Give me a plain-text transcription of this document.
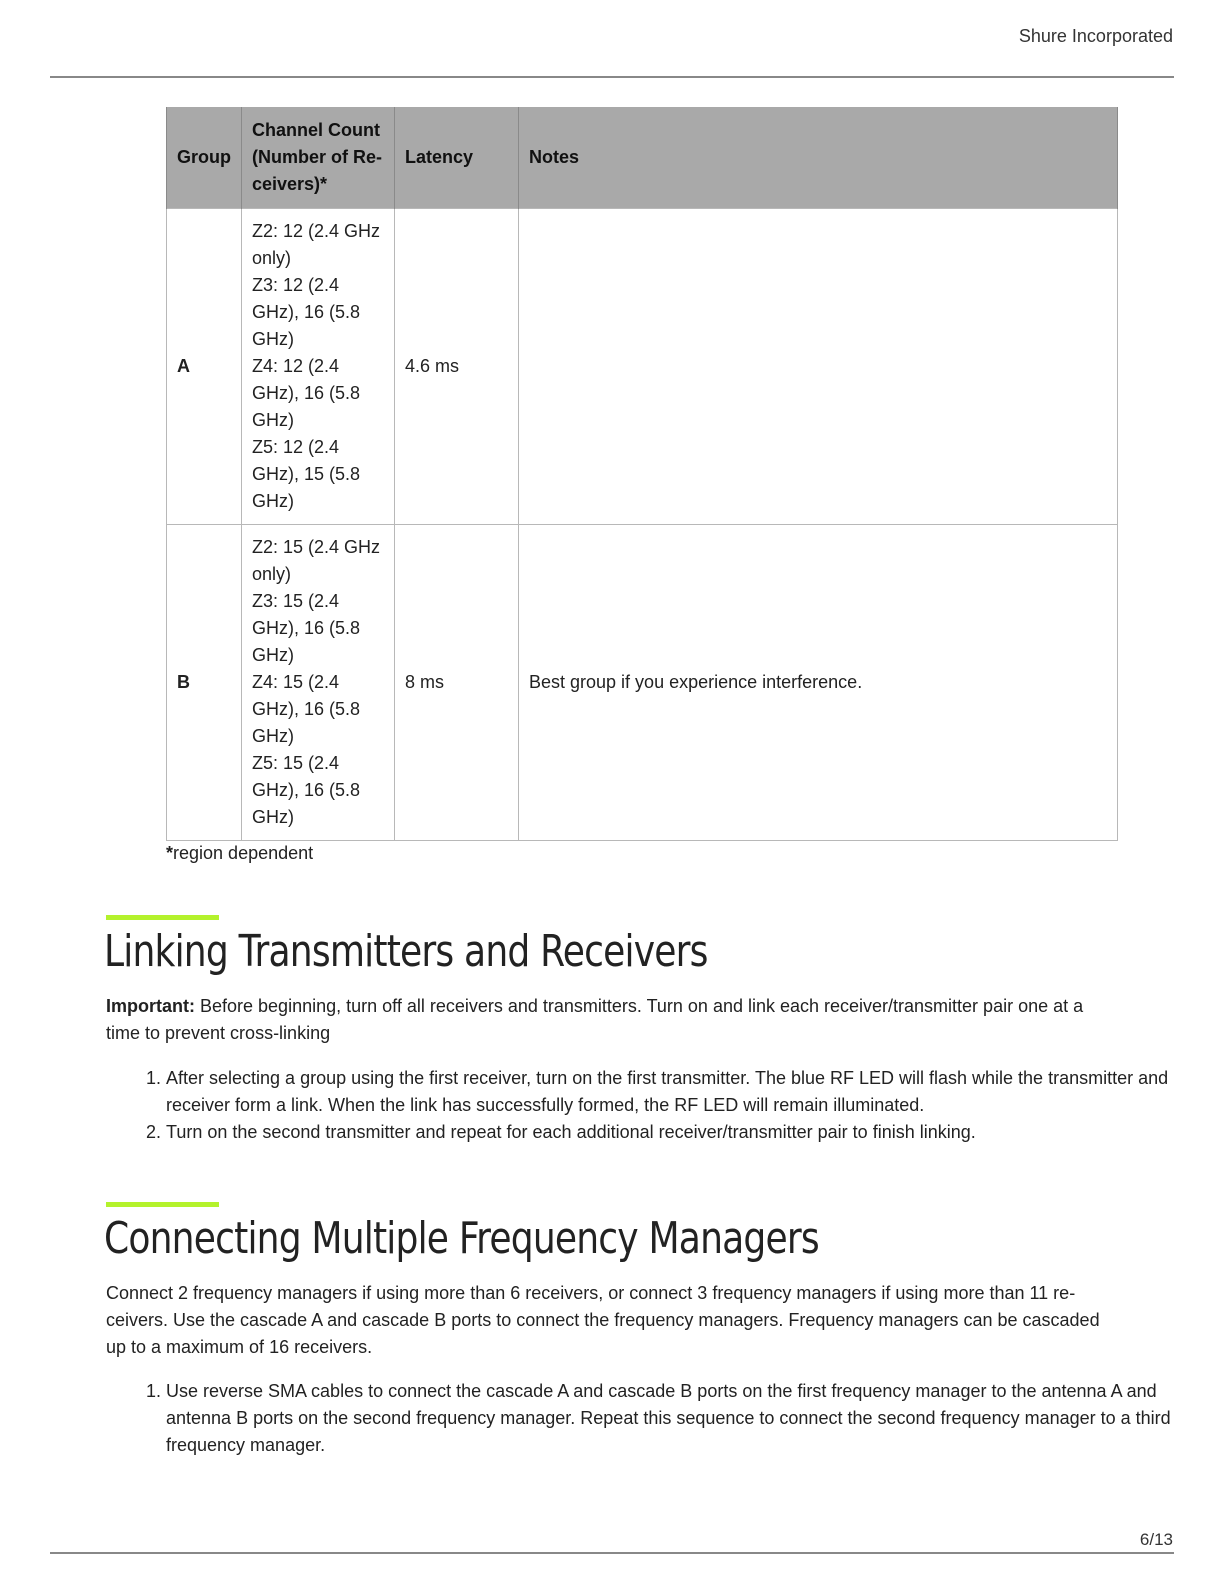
Shure Incorporated
Group	Channel Count (Number of Receivers)*	Latency	Notes
A	Z2: 12 (2.4 GHz only)
Z3: 12 (2.4 GHz), 16 (5.8 GHz)
Z4: 12 (2.4 GHz), 16 (5.8 GHz)
Z5: 12 (2.4 GHz), 15 (5.8 GHz)	4.6 ms	
B	Z2: 15 (2.4 GHz only)
Z3: 15 (2.4 GHz), 16 (5.8 GHz)
Z4: 15 (2.4 GHz), 16 (5.8 GHz)
Z5: 15 (2.4 GHz), 16 (5.8 GHz)	8 ms	Best group if you experience interference.
*region dependent
Linking Transmitters and Receivers

Important: Before beginning, turn off all receivers and transmitters. Turn on and link each receiver/transmitter pair one at a time to prevent cross-linking

1. After selecting a group using the first receiver, turn on the first transmitter. The blue RF LED will flash while the transmitter and receiver form a link. When the link has successfully formed, the RF LED will remain illuminated.
2. Turn on the second transmitter and repeat for each additional receiver/transmitter pair to finish linking.
Connecting Multiple Frequency Managers

Connect 2 frequency managers if using more than 6 receivers, or connect 3 frequency managers if using more than 11 receivers. Use the cascade A and cascade B ports to connect the frequency managers. Frequency managers can be cascaded up to a maximum of 16 receivers.

1. Use reverse SMA cables to connect the cascade A and cascade B ports on the first frequency manager to the antenna A and antenna B ports on the second frequency manager. Repeat this sequence to connect the second frequency manager to a third frequency manager.
6/13
